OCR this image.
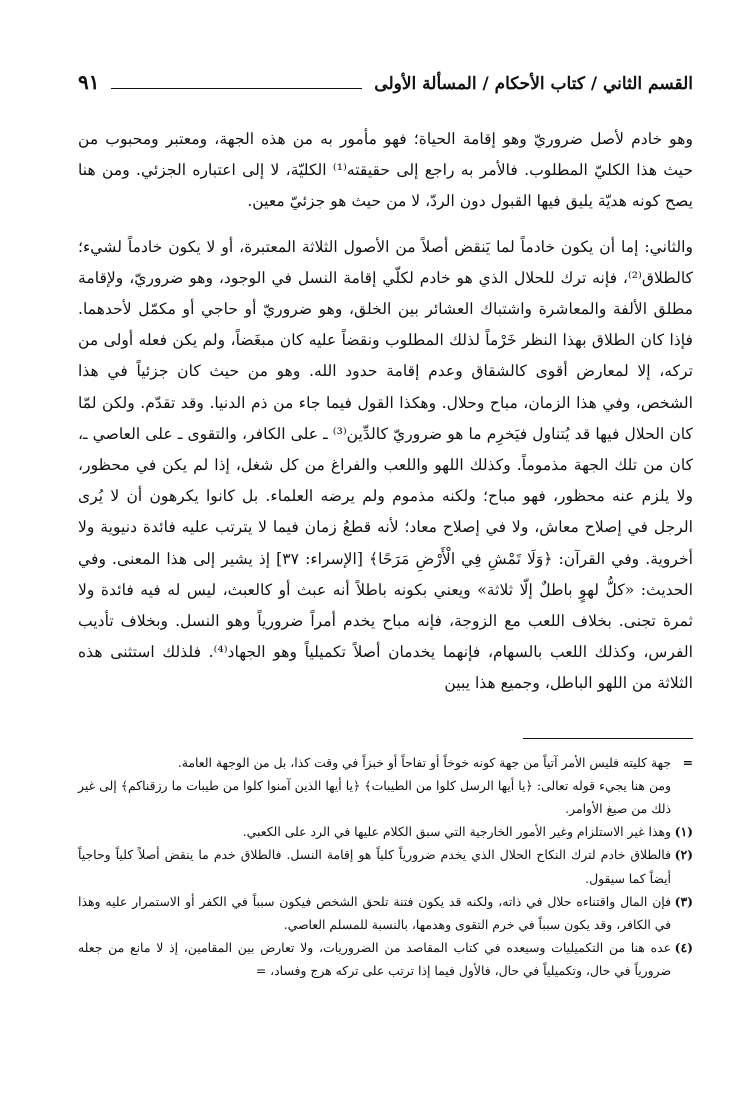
القسم الثاني / كتاب الأحكام / المسألة الأولى
٩١

وهو خادم لأصل ضروريّ وهو إقامة الحياة؛ فهو مأمور به من هذه الجهة، ومعتبر ومحبوب من حيث هذا الكليّ المطلوب. فالأمر به راجع إلى حقيقته⁽¹⁾ الكليّة، لا إلى اعتباره الجزئي. ومن هنا يصح كونه هديّة يليق فيها القبول دون الردّ، لا من حيث هو جزئيّ معين.

والثاني: إما أن يكون خادماً لما يَنقض أصلاً من الأصول الثلاثة المعتبرة، أو لا يكون خادماً لشيء؛ كالطلاق⁽²⁾، فإنه ترك للحلال الذي هو خادم لكلّي إقامة النسل في الوجود، وهو ضروريّ، ولإقامة مطلق الألفة والمعاشرة واشتباك العشائر بين الخلق، وهو ضروريّ أو حاجي أو مكمّل لأحدهما. فإذا كان الطلاق بهذا النظر خَرْماً لذلك المطلوب ونقضاً عليه كان مبغَضاً، ولم يكن فعله أولى من تركه، إلا لمعارض أقوى كالشقاق وعدم إقامة حدود الله. وهو من حيث كان جزئياً في هذا الشخص، وفي هذا الزمان، مباح وحلال. وهكذا القول فيما جاء من ذم الدنيا. وقد تقدّم. ولكن لمّا كان الحلال فيها قد يُتناول فيَخرِم ما هو ضروريّ كالدِّين⁽³⁾ ـ على الكافر، والتقوى ـ على العاصي ـ، كان من تلك الجهة مذموماً. وكذلك اللهو واللعب والفراغ من كل شغل، إذا لم يكن في محظور، ولا يلزم عنه محظور، فهو مباح؛ ولكنه مذموم ولم يرضه العلماء. بل كانوا يكرهون أن لا يُرى الرجل في إصلاح معاش، ولا في إصلاح معاد؛ لأنه قطعُ زمان فيما لا يترتب عليه فائدة دنيوية ولا أخروية. وفي القرآن: ﴿وَلَا تَمْشِ فِي الْأَرْضِ مَرَحًا﴾ [الإسراء: ٣٧] إذ يشير إلى هذا المعنى. وفي الحديث: «كلُّ لهوٍ باطلٌ إلّا ثلاثة» ويعني بكونه باطلاً أنه عبث أو كالعبث، ليس له فيه فائدة ولا ثمرة تجنى. بخلاف اللعب مع الزوجة، فإنه مباح يخدم أمراً ضرورياً وهو النسل. وبخلاف تأديب الفرس، وكذلك اللعب بالسهام، فإنهما يخدمان أصلاً تكميلياً وهو الجهاد⁽⁴⁾. فلذلك استثنى هذه الثلاثة من اللهو الباطل، وجميع هذا يبين

=
جهة كليته فليس الأمر آتياً من جهة كونه خوخاً أو تفاحاً أو خبزاً في وقت كذا، بل من الوجهة العامة.

ومن هنا يجيء قوله تعالى: ﴿يا أيها الرسل كلوا من الطيبات﴾ ﴿يا أيها الذين آمنوا كلوا من طيبات ما رزقناكم﴾ إلى غير ذلك من صيغ الأوامر.

(١)
وهذا غير الاستلزام وغير الأمور الخارجية التي سبق الكلام عليها في الرد على الكعبي.

(٢)
فالطلاق خادم لترك النكاح الحلال الذي يخدم ضرورياً كلياً هو إقامة النسل. فالطلاق خدم ما ينقض أصلاً كلياً وحاجياً أيضاً كما سيقول.

(٣)
فإن المال واقتناءه حلال في ذاته، ولكنه قد يكون فتنة تلحق الشخص فيكون سبباً في الكفر أو الاستمرار عليه وهذا في الكافر، وقد يكون سبباً في خرم التقوى وهدمها، بالنسبة للمسلم العاصي.

(٤)
عده هنا من التكميليات وسيعده في كتاب المقاصد من الضروريات، ولا تعارض بين المقامين، إذ لا مانع من جعله ضرورياً في حال، وتكميلياً في حال، فالأول فيما إذا ترتب على تركه هرج وفساد، =
